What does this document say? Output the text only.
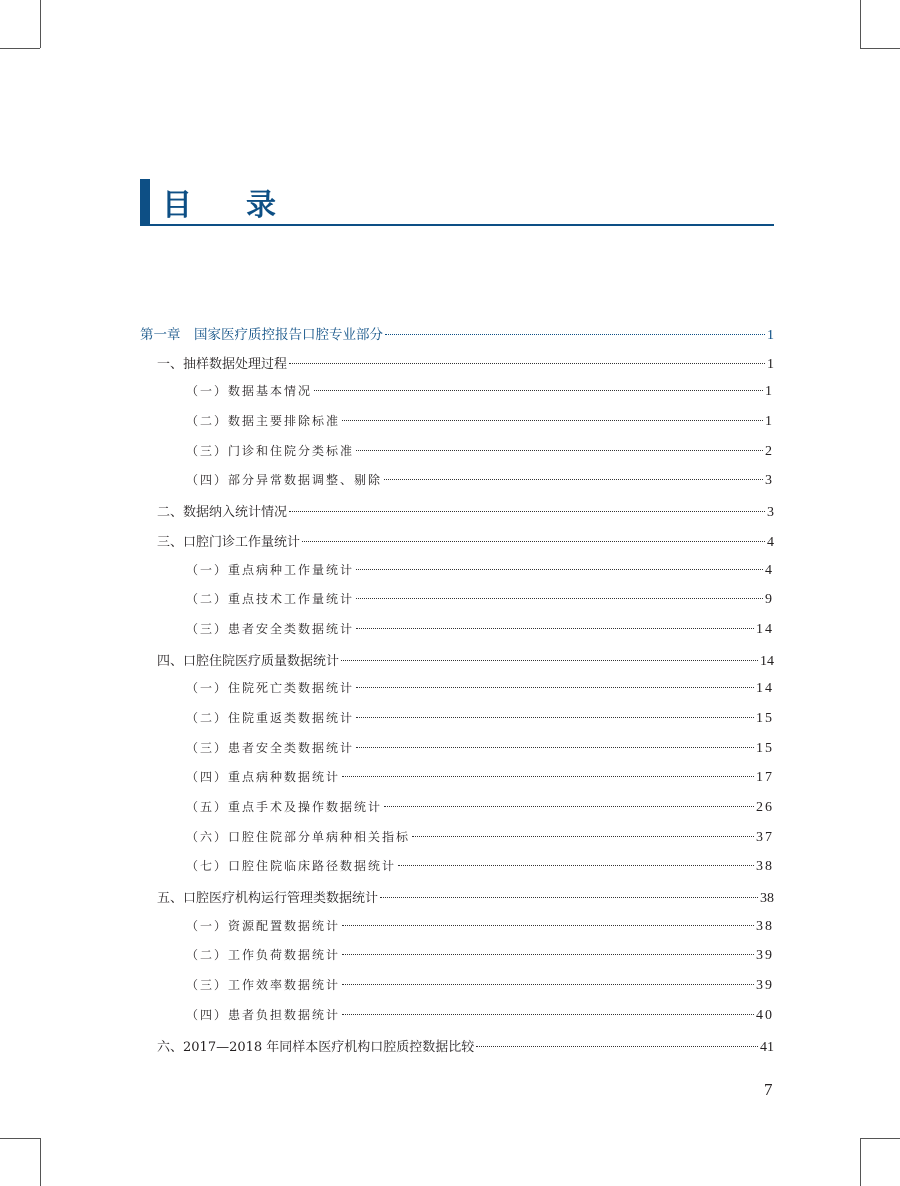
目 录
第一章　国家医疗质控报告口腔专业部分	1
一、抽样数据处理过程	1
（一）数据基本情况	1
（二）数据主要排除标准	1
（三）门诊和住院分类标准	2
（四）部分异常数据调整、剔除	3
二、数据纳入统计情况	3
三、口腔门诊工作量统计	4
（一）重点病种工作量统计	4
（二）重点技术工作量统计	9
（三）患者安全类数据统计	14
四、口腔住院医疗质量数据统计	14
（一）住院死亡类数据统计	14
（二）住院重返类数据统计	15
（三）患者安全类数据统计	15
（四）重点病种数据统计	17
（五）重点手术及操作数据统计	26
（六）口腔住院部分单病种相关指标	37
（七）口腔住院临床路径数据统计	38
五、口腔医疗机构运行管理类数据统计	38
（一）资源配置数据统计	38
（二）工作负荷数据统计	39
（三）工作效率数据统计	39
（四）患者负担数据统计	40
六、2017—2018 年同样本医疗机构口腔质控数据比较	41
7
